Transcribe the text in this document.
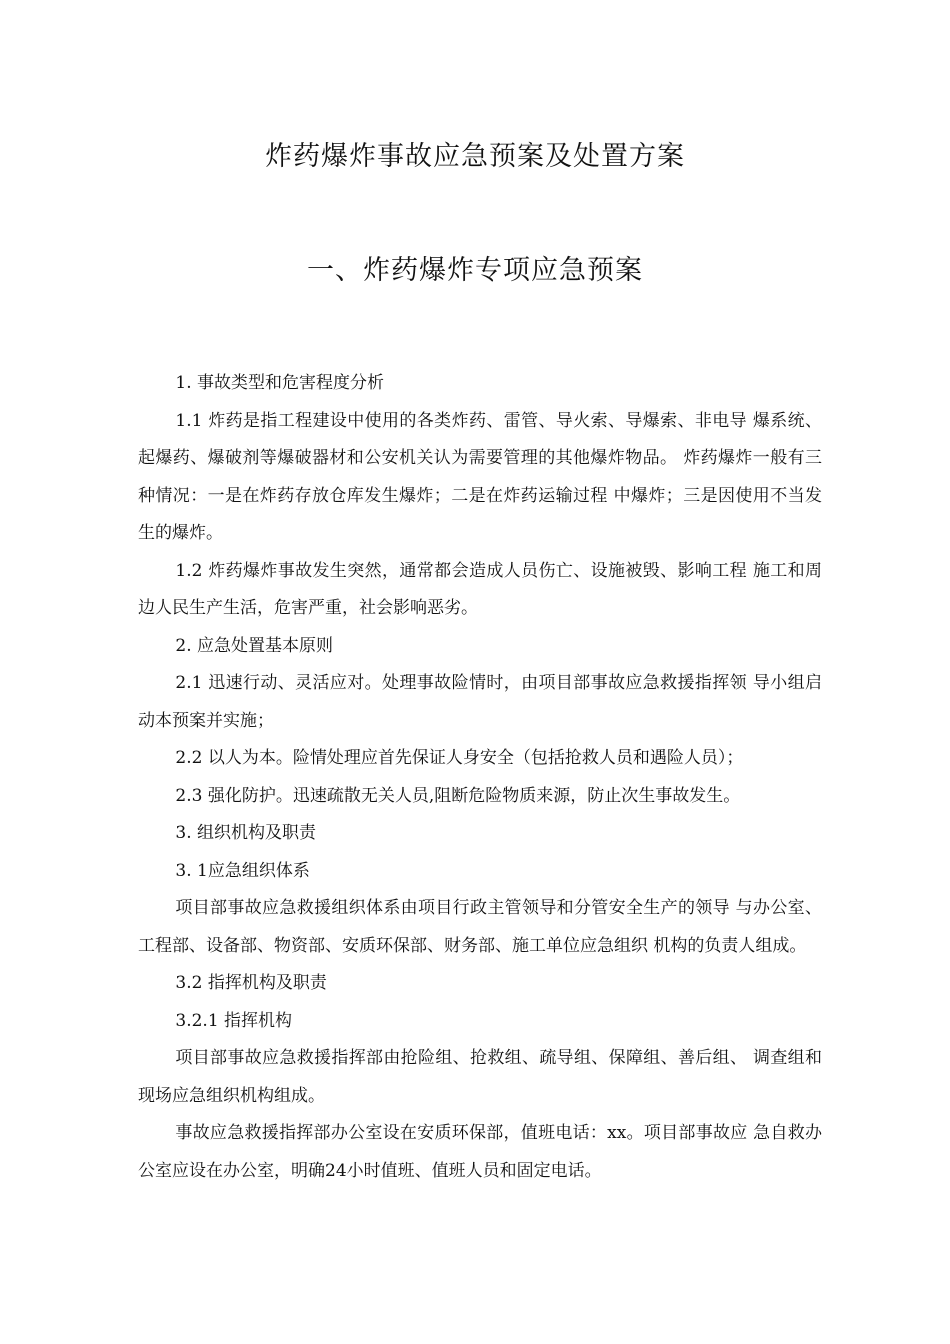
炸药爆炸事故应急预案及处置方案
一、炸药爆炸专项应急预案

1. 事故类型和危害程度分析

1.1 炸药是指工程建设中使用的各类炸药、雷管、导火索、导爆索、非电导 爆系统、起爆药、爆破剂等爆破器材和公安机关认为需要管理的其他爆炸物品。 炸药爆炸一般有三种情况：一是在炸药存放仓库发生爆炸；二是在炸药运输过程 中爆炸；三是因使用不当发生的爆炸。

1.2 炸药爆炸事故发生突然，通常都会造成人员伤亡、设施被毁、影响工程 施工和周边人民生产生活，危害严重，社会影响恶劣。

2. 应急处置基本原则

2.1 迅速行动、灵活应对。处理事故险情时，由项目部事故应急救援指挥领 导小组启动本预案并实施；

2.2 以人为本。险情处理应首先保证人身安全（包括抢救人员和遇险人员）；

2.3 强化防护。迅速疏散无关人员,阻断危险物质来源，防止次生事故发生。

3. 组织机构及职责

3. 1应急组织体系

项目部事故应急救援组织体系由项目行政主管领导和分管安全生产的领导 与办公室、工程部、设备部、物资部、安质环保部、财务部、施工单位应急组织 机构的负责人组成。

3.2 指挥机构及职责

3.2.1 指挥机构

项目部事故应急救援指挥部由抢险组、抢救组、疏导组、保障组、善后组、 调查组和现场应急组织机构组成。

事故应急救援指挥部办公室设在安质环保部，值班电话：xx。项目部事故应 急自救办公室应设在办公室，明确24小时值班、值班人员和固定电话。
